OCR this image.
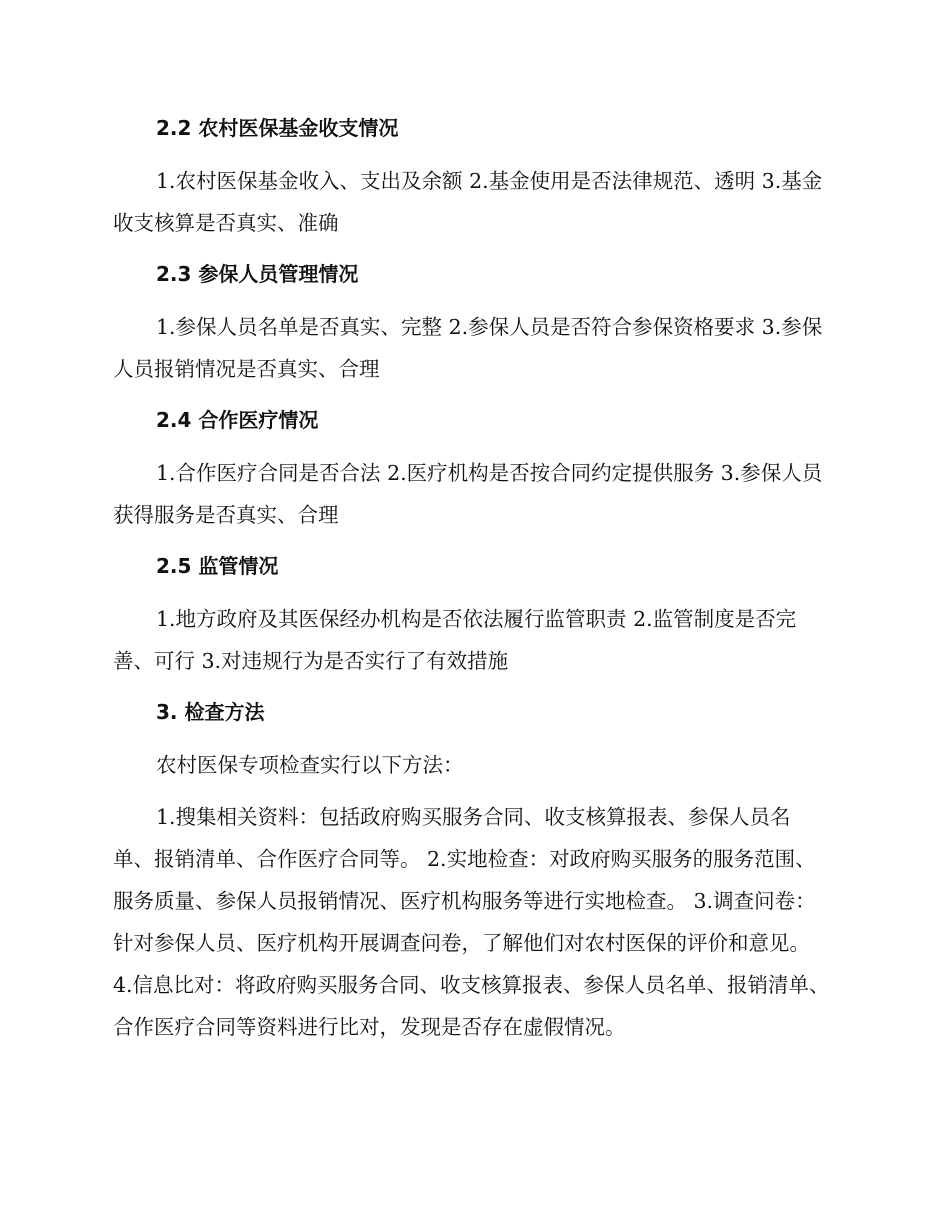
2.2 农村医保基金收支情况

1.农村医保基金收入、支出及余额 2.基金使用是否法律规范、透明 3.基金收支核算是否真实、准确

2.3 参保人员管理情况

1.参保人员名单是否真实、完整 2.参保人员是否符合参保资格要求 3.参保人员报销情况是否真实、合理

2.4 合作医疗情况

1.合作医疗合同是否合法 2.医疗机构是否按合同约定提供服务 3.参保人员获得服务是否真实、合理

2.5 监管情况

1.地方政府及其医保经办机构是否依法履行监管职责 2.监管制度是否完善、可行 3.对违规行为是否实行了有效措施

3. 检查方法

农村医保专项检查实行以下方法：

1.搜集相关资料：包括政府购买服务合同、收支核算报表、参保人员名单、报销清单、合作医疗合同等。 2.实地检查：对政府购买服务的服务范围、服务质量、参保人员报销情况、医疗机构服务等进行实地检查。 3.调查问卷：针对参保人员、医疗机构开展调查问卷，了解他们对农村医保的评价和意见。 4.信息比对：将政府购买服务合同、收支核算报表、参保人员名单、报销清单、合作医疗合同等资料进行比对，发现是否存在虚假情况。
